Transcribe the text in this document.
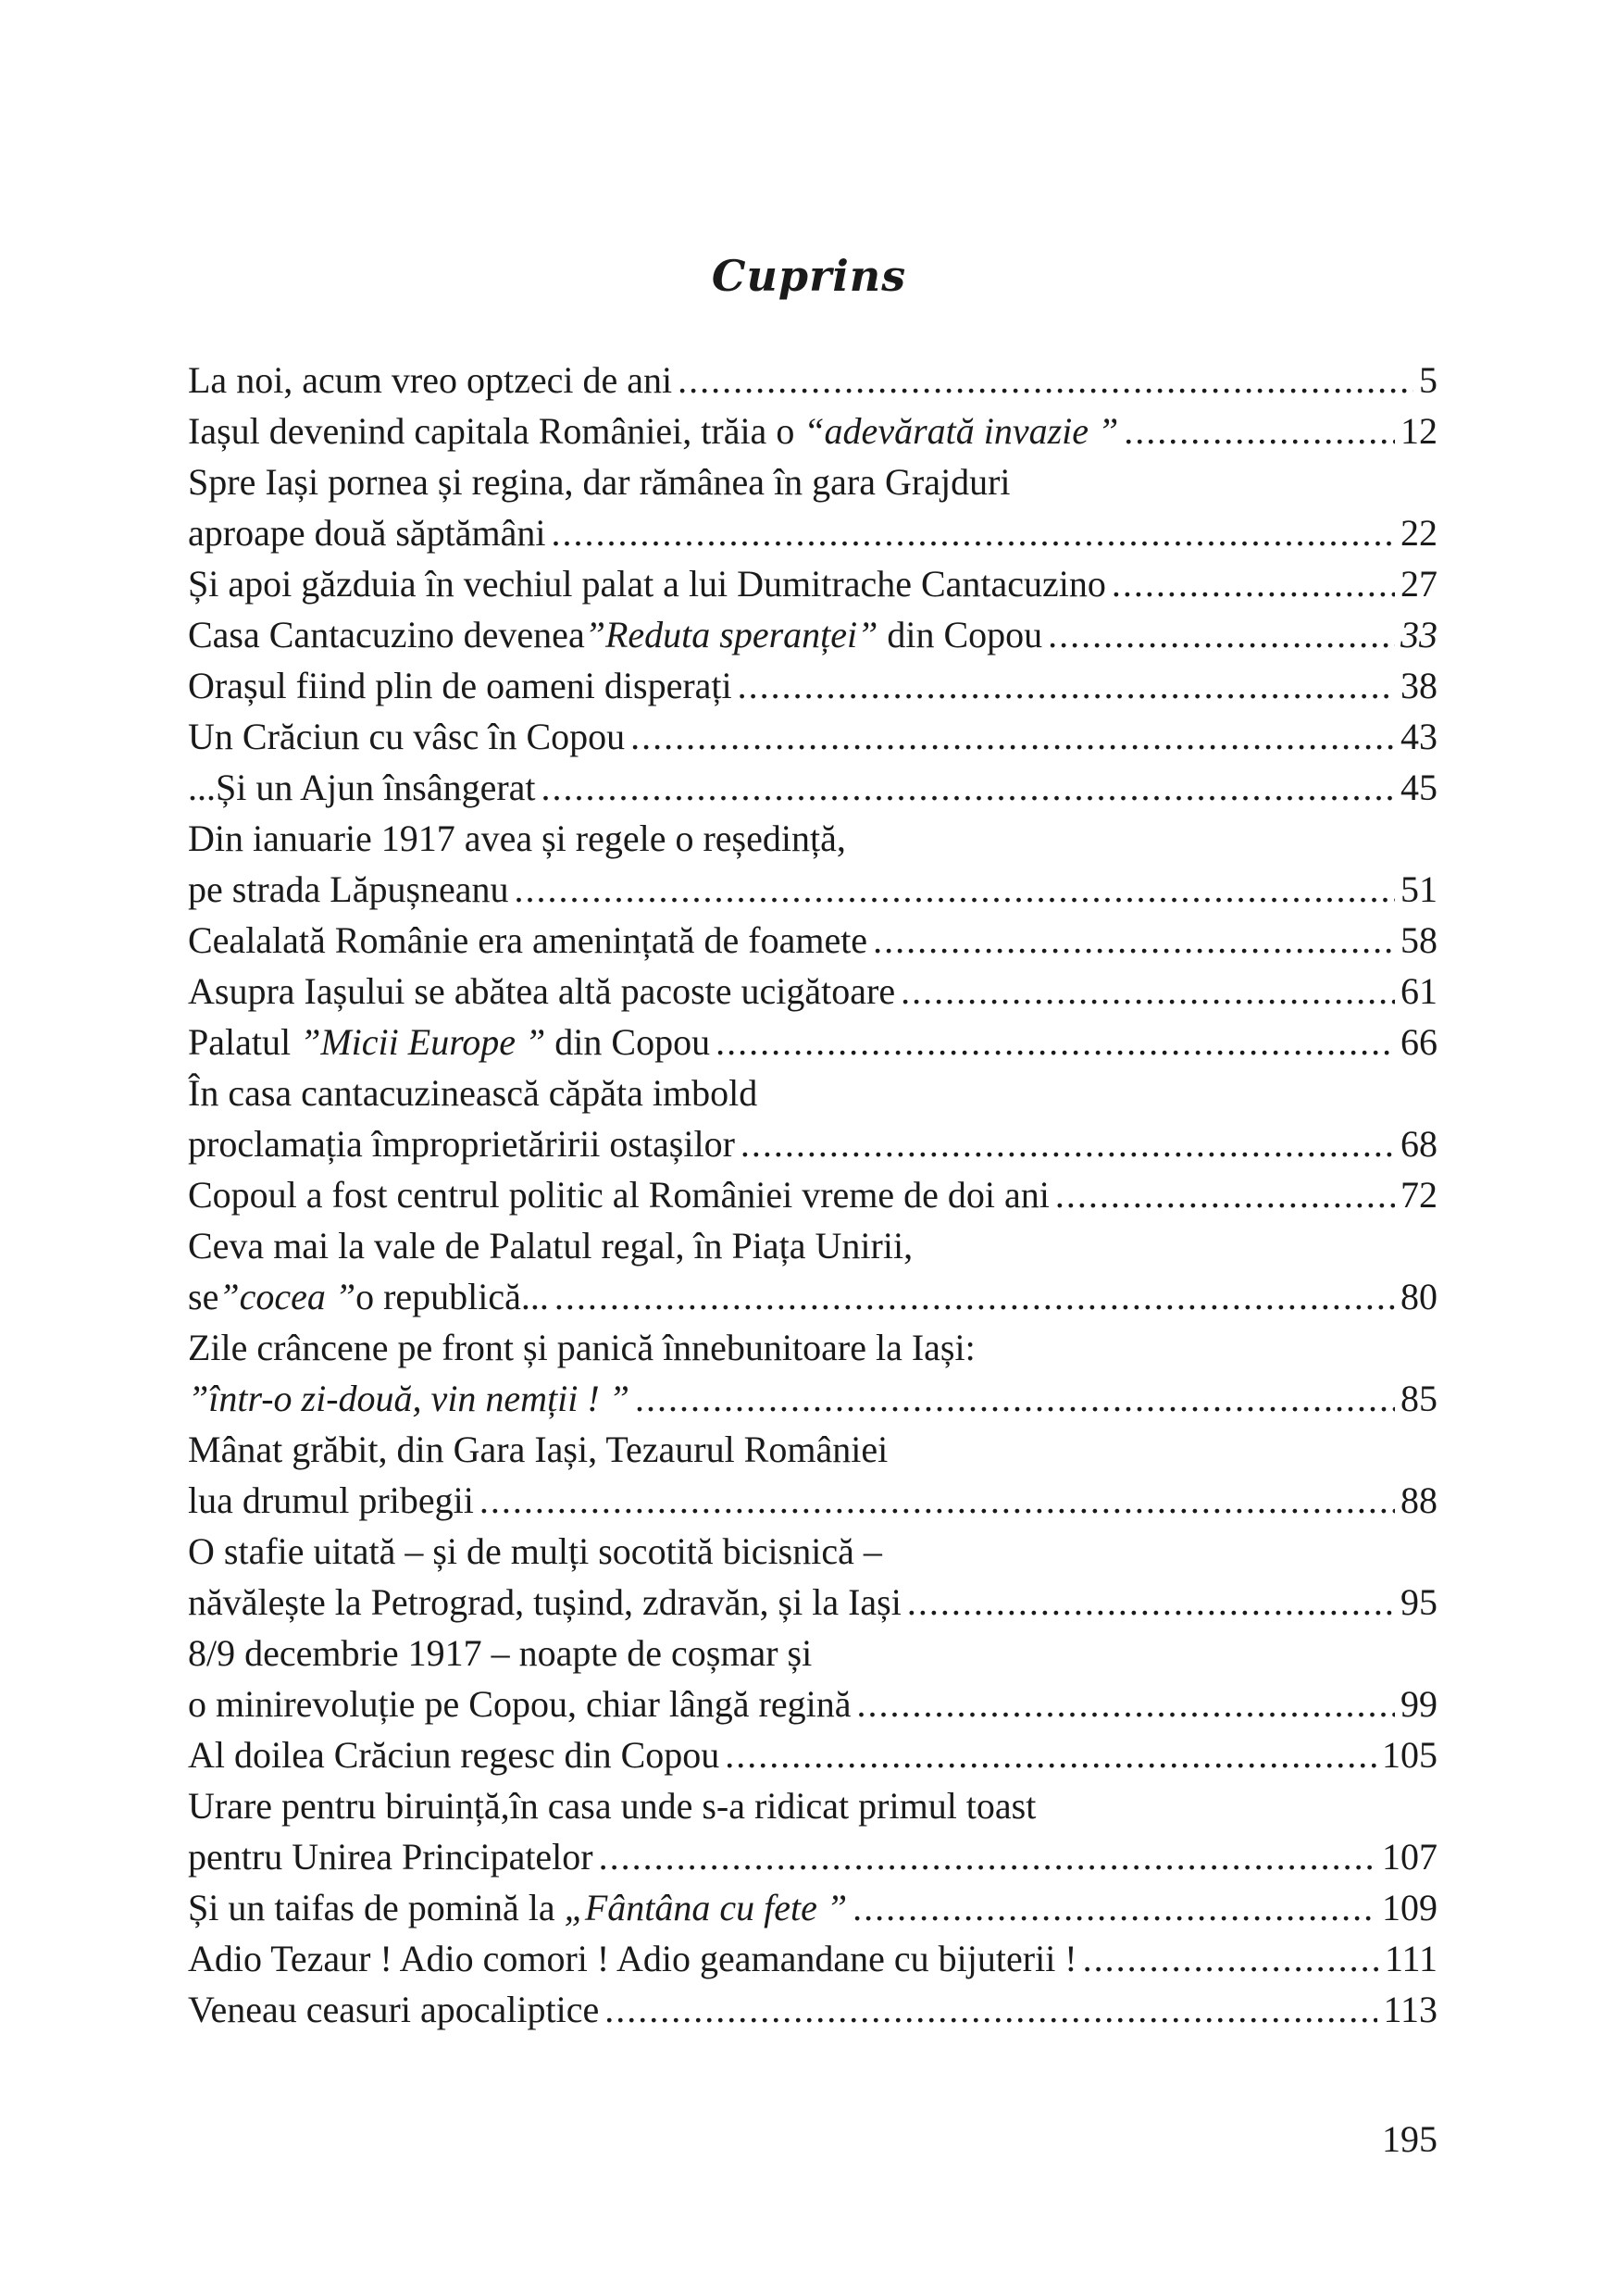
Cuprins
La noi, acum vreo optzeci de ani .....	5
Iașul devenind capitala României, trăia o “adevărată invazie ” .....	12
Spre Iași pornea și regina, dar rămânea în gara Grajduri
aproape două săptămâni .....	22
Și apoi găzduia în vechiul palat a lui Dumitrache Cantacuzino .....	27
Casa Cantacuzino devenea”Reduta speranței” din Copou .....	33
Orașul fiind plin de oameni disperați .....	38
Un Crăciun cu vâsc în Copou .....	43
...Și un Ajun însângerat .....	45
Din ianuarie 1917 avea și regele o reședință,
pe strada Lăpușneanu .....	51
Cealalată Românie era amenințată de foamete .....	58
Asupra Iașului se abătea altă pacoste ucigătoare .....	61
Palatul ”Micii Europe ” din Copou .....	66
În casa cantacuzinească căpăta imbold
proclamația împroprietăririi ostașilor .....	68
Copoul a fost centrul politic al României vreme de doi ani .....	72
Ceva mai la vale de Palatul regal, în Piața Unirii,
se”cocea ”o republică... .....	80
Zile crâncene pe front și panică înnebunitoare la Iași:
”într-o zi-două, vin nemții ! ” .....	85
Mânat grăbit, din Gara Iași, Tezaurul României
lua drumul pribegii .....	88
O stafie uitată – și de mulți socotită bicisnică –
năvălește la Petrograd, tușind, zdravăn, și la Iași .....	95
8/9 decembrie 1917 – noapte de coșmar și
o minirevoluție pe Copou, chiar lângă regină .....	99
Al doilea Crăciun regesc din Copou .....	105
Urare pentru biruință,în casa unde s-a ridicat primul toast
pentru Unirea Principatelor .....	107
Și un taifas de pomină la „Fântâna cu fete ” .....	109
Adio Tezaur ! Adio comori ! Adio geamandane cu bijuterii ! .....	111
Veneau ceasuri apocaliptice .....	113
195
